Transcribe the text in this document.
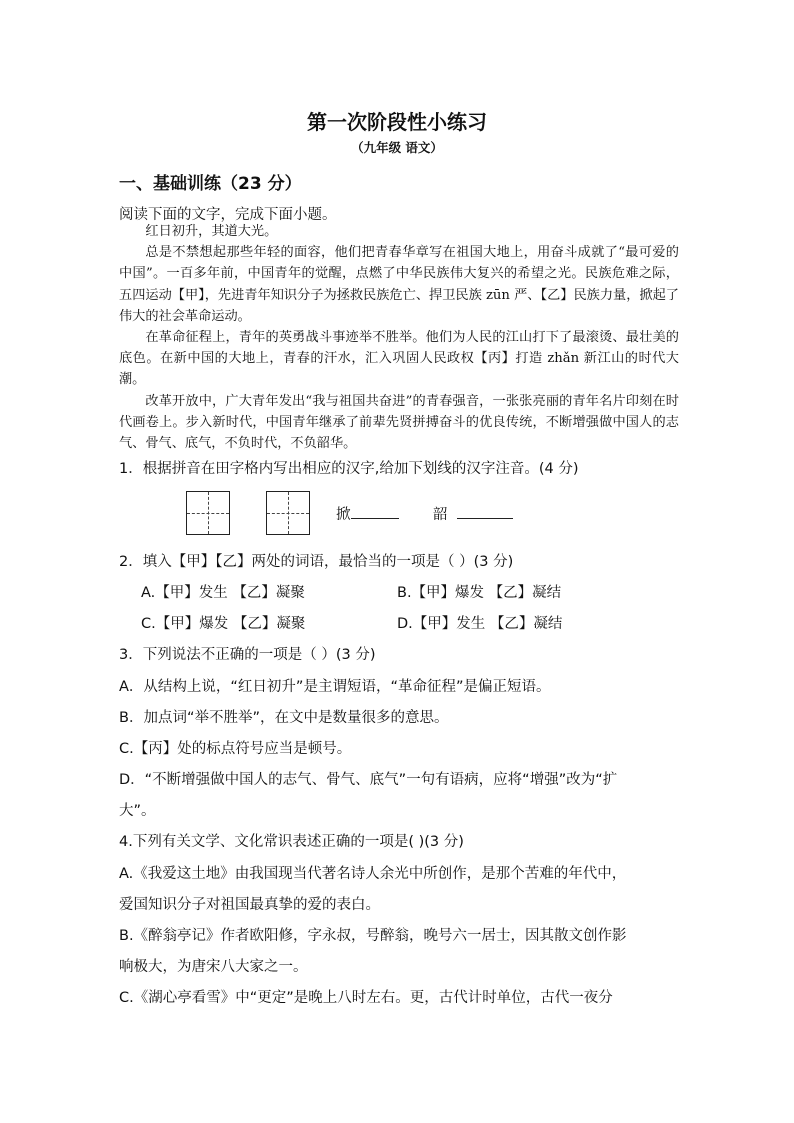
第一次阶段性小练习
（九年级 语文）
一、基础训练（23 分）
阅读下面的文字，完成下面小题。

红日初升，其道大光。

总是不禁想起那些年轻的面容，他们把青春华章写在祖国大地上，用奋斗成就了“最可爱的中国”。一百多年前，中国青年的觉醒，点燃了中华民族伟大复兴的希望之光。民族危难之际，五四运动【甲】，先进青年知识分子为拯救民族危亡、捍卫民族 zūn 严、【乙】民族力量，掀起了伟大的社会革命运动。

在革命征程上，青年的英勇战斗事迹举不胜举。他们为人民的江山打下了最滚烫、最壮美的底色。在新中国的大地上，青春的汗水，汇入巩固人民政权【丙】打造 zhǎn 新江山的时代大潮。

改革开放中，广大青年发出“我与祖国共奋进”的青春强音，一张张亮丽的青年名片印刻在时代画卷上。步入新时代，中国青年继承了前辈先贤拼搏奋斗的优良传统，不断增强做中国人的志气、骨气、底气，不负时代，不负韶华。

1．根据拼音在田字格内写出相应的汉字,给加下划线的汉字注音。(4 分)
掀	韶
2．填入【甲】【乙】两处的词语，最恰当的一项是（ ）(3 分)
A.【甲】发生 【乙】凝聚	B.【甲】爆发 【乙】凝结
C.【甲】爆发 【乙】凝聚	D.【甲】发生 【乙】凝结
3．下列说法不正确的一项是（ ）(3 分)
A．从结构上说，“红日初升”是主谓短语，“革命征程”是偏正短语。
B．加点词“举不胜举”，在文中是数量很多的意思。
C.【丙】处的标点符号应当是顿号。
D．“不断增强做中国人的志气、骨气、底气”一句有语病，应将“增强”改为“扩
大”。
4.下列有关文学、文化常识表述正确的一项是( )(3 分)
A.《我爱这土地》由我国现当代著名诗人余光中所创作，是那个苦难的年代中，
爱国知识分子对祖国最真挚的爱的表白。
B.《醉翁亭记》作者欧阳修，字永叔，号醉翁，晚号六一居士，因其散文创作影
响极大，为唐宋八大家之一。
C.《湖心亭看雪》中“更定”是晚上八时左右。更，古代计时单位，古代一夜分
